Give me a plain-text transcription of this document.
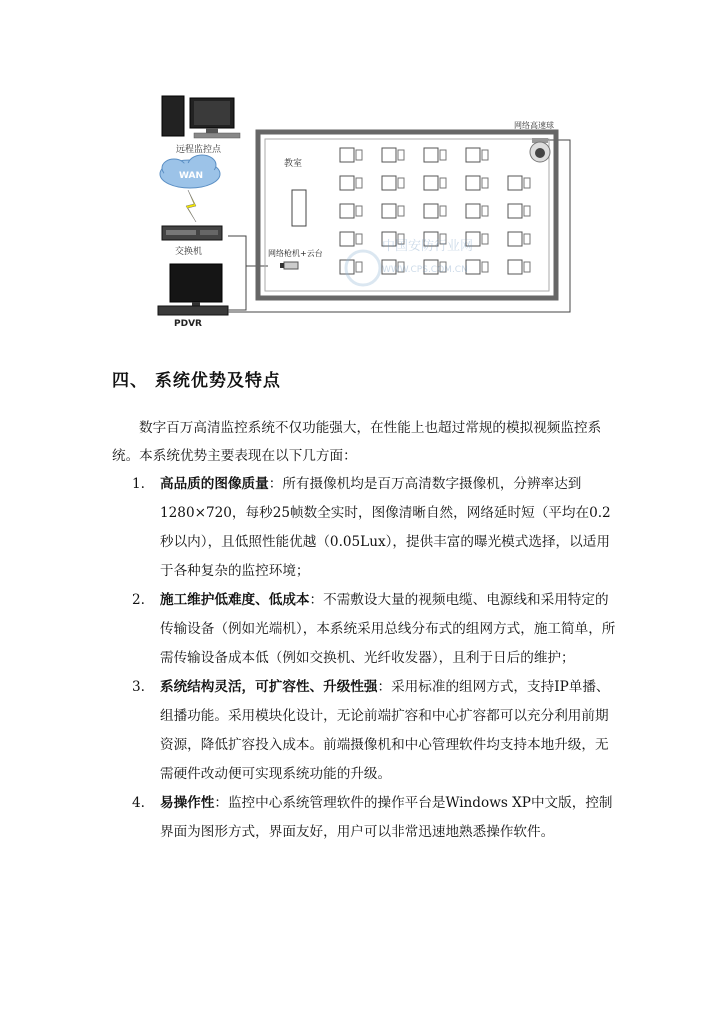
远程监控点
WAN
交换机
PDVR
教室
网络高速球
网络枪机+云台	中国安防行业网
WWW.CPS.COM.CN
四、 系统优势及特点

数字百万高清监控系统不仅功能强大，在性能上也超过常规的模拟视频监控系统。本系统优势主要表现在以下几方面：

1. 高品质的图像质量：所有摄像机均是百万高清数字摄像机，分辨率达到1280×720，每秒25帧数全实时，图像清晰自然，网络延时短（平均在0.2秒以内），且低照性能优越（0.05Lux），提供丰富的曝光模式选择，以适用于各种复杂的监控环境；
2. 施工维护低难度、低成本：不需敷设大量的视频电缆、电源线和采用特定的传输设备（例如光端机），本系统采用总线分布式的组网方式，施工简单，所需传输设备成本低（例如交换机、光纤收发器），且利于日后的维护；
3. 系统结构灵活，可扩容性、升级性强：采用标准的组网方式，支持IP单播、组播功能。采用模块化设计，无论前端扩容和中心扩容都可以充分利用前期资源，降低扩容投入成本。前端摄像机和中心管理软件均支持本地升级，无需硬件改动便可实现系统功能的升级。
4. 易操作性：监控中心系统管理软件的操作平台是Windows XP中文版，控制界面为图形方式，界面友好，用户可以非常迅速地熟悉操作软件。
